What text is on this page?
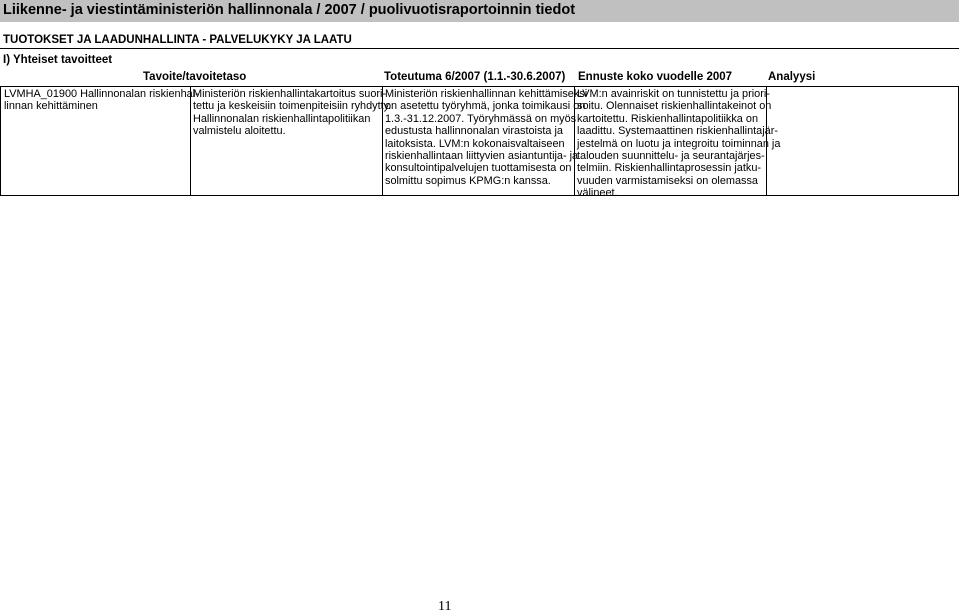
Liikenne- ja viestintäministeriön hallinnonala / 2007 / puolivuotisraportoinnin tiedot
TUOTOKSET JA LAADUNHALLINTA - PALVELUKYKY JA LAATU
I) Yhteiset tavoitteet
Tavoite/tavoitetaso	Toteutuma 6/2007 (1.1.-30.6.2007) Ennuste koko vuodelle 2007	Analyysi
LVMHA_01900 Hallinnonalan riskienhal-
linnan kehittäminen
Ministeriön riskienhallintakartoitus suori-
tettu ja keskeisiin toimenpiteisiin ryhdytty.
Hallinnonalan riskienhallintapolitiikan
valmistelu aloitettu.
Ministeriön riskienhallinnan kehittämiseksi
on asetettu työryhmä, jonka toimikausi on
1.3.-31.12.2007. Työryhmässä on myös
edustusta hallinnonalan virastoista ja
laitoksista. LVM:n kokonaisvaltaiseen
riskienhallintaan liittyvien asiantuntija- ja
konsultointipalvelujen tuottamisesta on
solmittu sopimus KPMG:n kanssa.
LVM:n avainriskit on tunnistettu ja priori-
soitu. Olennaiset riskienhallintakeinot on
kartoitettu. Riskienhallintapolitiikka on
laadittu. Systemaattinen riskienhallintajär-
jestelmä on luotu ja integroitu toiminnan ja
talouden suunnittelu- ja seurantajärjes-
telmiin. Riskienhallintaprosessin jatku-
vuuden varmistamiseksi on olemassa
välineet.
11
